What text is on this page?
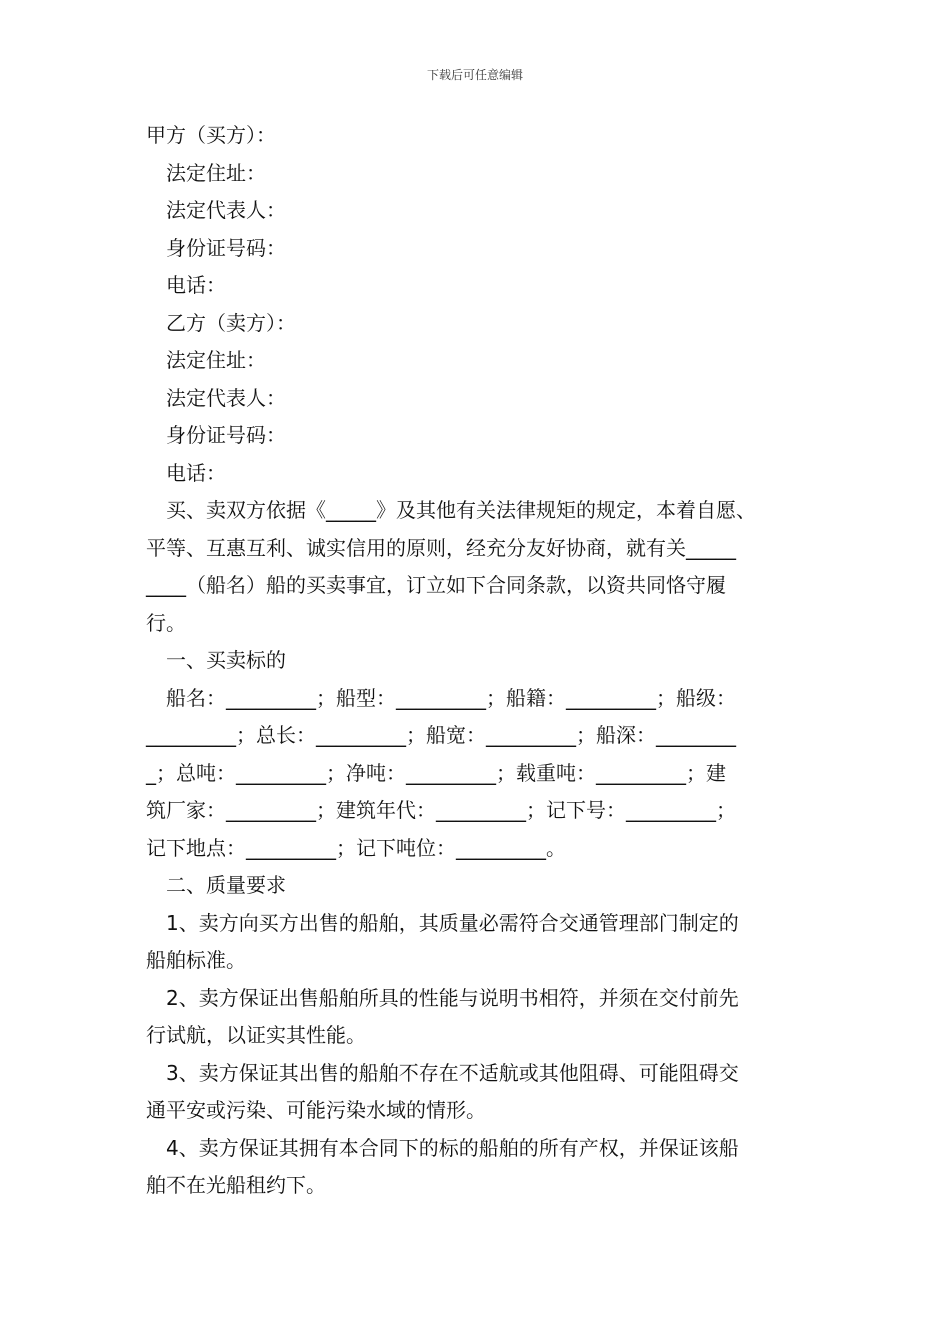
下载后可任意编辑
甲方（买方）：
法定住址：
法定代表人：
身份证号码：
电话：
乙方（卖方）：
法定住址：
法定代表人：
身份证号码：
电话：
买、卖双方依据《_____》及其他有关法律规矩的规定，本着自愿、
平等、互惠互利、诚实信用的原则，经充分友好协商，就有关_____
____（船名）船的买卖事宜，订立如下合同条款，以资共同恪守履
行。
一、买卖标的
船名：_________；船型：_________；船籍：_________；船级：
_________；总长：_________；船宽：_________；船深：________
_；总吨：_________；净吨：_________；载重吨：_________；建
筑厂家：_________；建筑年代：_________；记下号：_________；
记下地点：_________；记下吨位：_________。
二、质量要求
1、卖方向买方出售的船舶，其质量必需符合交通管理部门制定的
船舶标准。
2、卖方保证出售船舶所具的性能与说明书相符，并须在交付前先
行试航，以证实其性能。
3、卖方保证其出售的船舶不存在不适航或其他阻碍、可能阻碍交
通平安或污染、可能污染水域的情形。
4、卖方保证其拥有本合同下的标的船舶的所有产权，并保证该船
舶不在光船租约下。
